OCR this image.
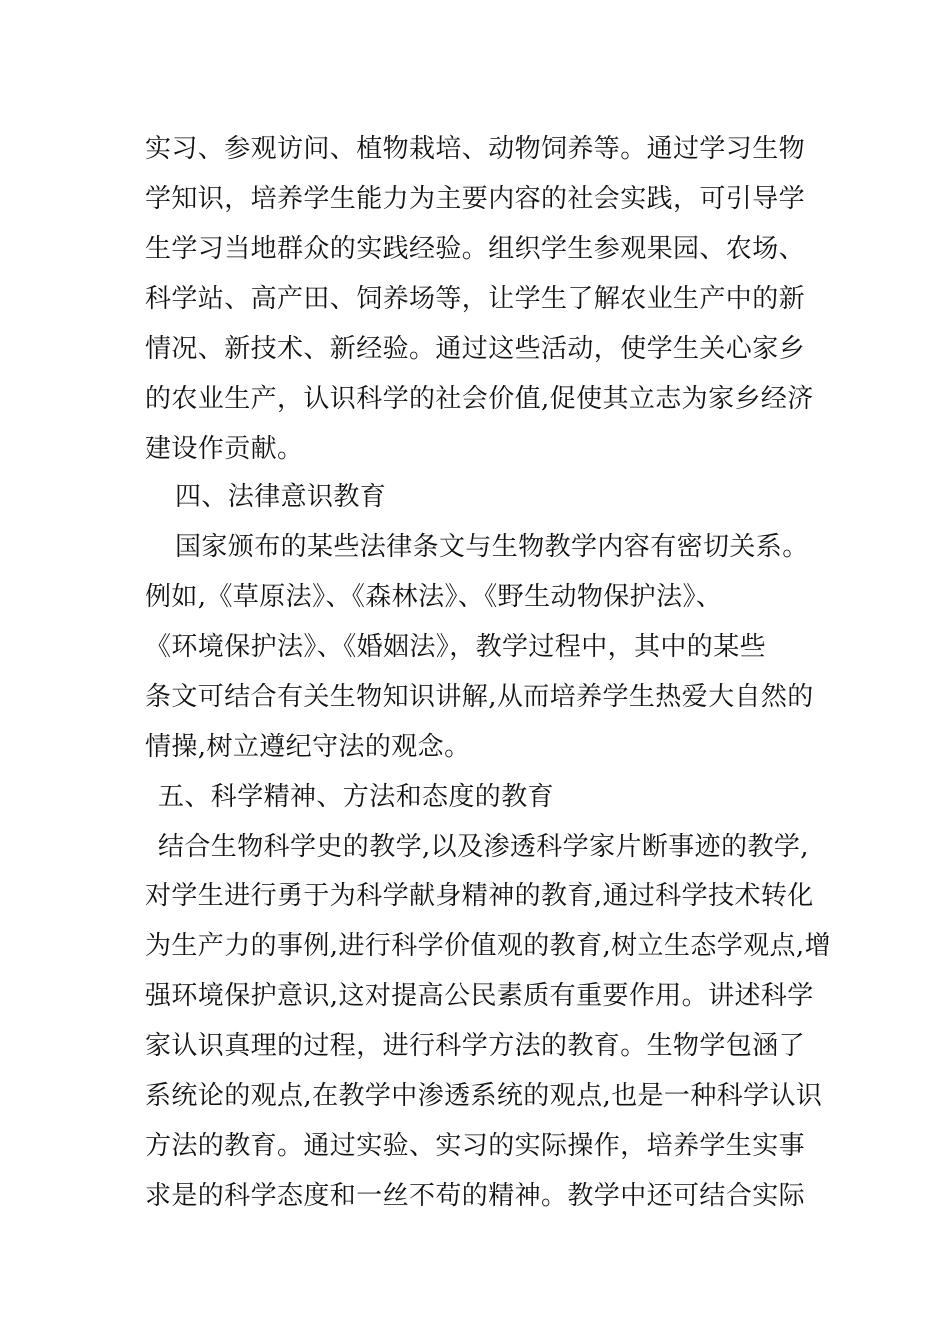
实习、参观访问、植物栽培、动物饲养等。通过学习生物
学知识，培养学生能力为主要内容的社会实践，可引导学
生学习当地群众的实践经验。组织学生参观果园、农场、
科学站、高产田、饲养场等，让学生了解农业生产中的新
情况、新技术、新经验。通过这些活动，使学生关心家乡
的农业生产，认识科学的社会价值,促使其立志为家乡经济
建设作贡献。
四、法律意识教育
国家颁布的某些法律条文与生物教学内容有密切关系。
例如,《草原法》、《森林法》、《野生动物保护法》、
《环境保护法》、《婚姻法》，教学过程中，其中的某些
条文可结合有关生物知识讲解,从而培养学生热爱大自然的
情操,树立遵纪守法的观念。
五、科学精神、方法和态度的教育
结合生物科学史的教学,以及渗透科学家片断事迹的教学,
对学生进行勇于为科学献身精神的教育,通过科学技术转化
为生产力的事例,进行科学价值观的教育,树立生态学观点,增
强环境保护意识,这对提高公民素质有重要作用。讲述科学
家认识真理的过程，进行科学方法的教育。生物学包涵了
系统论的观点,在教学中渗透系统的观点,也是一种科学认识
方法的教育。通过实验、实习的实际操作，培养学生实事
求是的科学态度和一丝不苟的精神。教学中还可结合实际
